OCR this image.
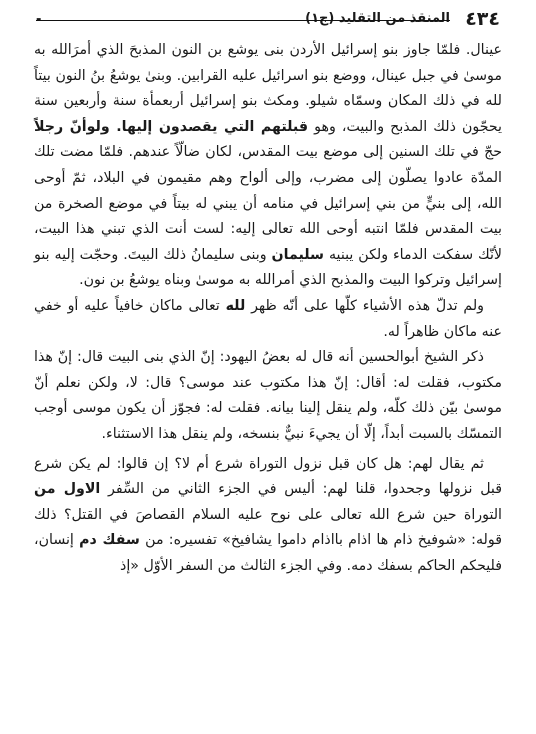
٤٣٤
المنقذ من التقليد (ج١)
-

عينال. فلمّا جاوز بنو إسرائيل الأردن بنى يوشع بن النون المذبحَ الذي أمرَالله به موسىٰ في جبل عينال، ووضع بنو اسرائيل عليه القرابين. وبنىٰ يوشعُ بنُ النون بيتاً لله في ذلك المكان وسمّاه شيلو. ومكث بنو إسرائيل أربعمأة سنة وأربعين سنة يحجّون ذلك المذبح والبيت، وهو قبلتهم التي يقصدون إليها. ولوأنّ رجلاً حجّ في تلك السنين إلى موضع بيت المقدس، لكان ضالّاً عندهم. فلمّا مضت تلك المدّة عادوا يصلّون إلى مضرب، وإلى ألواح وهم مقيمون في البلاد، ثمّ أوحى الله، إلى بنيٍّ من بني إسرائيل في منامه أن يبني له بيتاً في موضع الصخرة من بيت المقدس فلمّا انتبه أوحى الله تعالى إليه: لست أنت الذي تبني هذا البيت، لأنّك سفكت الدماء ولكن يبنيه سليمان وبنى سليمانُ ذلك البيتَ. وحجّت إليه بنو إسرائيل وتركوا البيت والمذبح الذي أمرالله به موسىٰ وبناه يوشعُ بن نون.

ولم تدلّ هذه الأشياء كلّها على أنّه ظهر لله تعالى ماكان خافياً عليه أو خفي عنه ماكان ظاهراً له.

ذكر الشيخ أبوالحسين أنه قال له بعضُ اليهود: إنّ الذي بنى البيت قال: إنّ هذا مكتوب، فقلت له: أقال: إنّ هذا مكتوب عند موسى؟ قال: لا، ولكن نعلم أنّ موسىٰ بيّن ذلك كلّه، ولم ينقل إلينا بيانه. فقلت له: فجوّز أن يكون موسى أوجب التمسّك بالسبت أبداً، إلّا أن يجيءَ نبيٌّ بنسخه، ولم ينقل هذا الاستثناء.

ثم يقال لهم: هل كان قبل نزول التوراة شرع أم لا؟ إن قالوا: لم يكن شرع قبل نزولها وجحدوا، قلنا لهم: أليس في الجزء الثاني من السِّفر الاول من التوراة حين شرع الله تعالى على نوح عليه السلام القصاصَ في القتل؟ ذلك قوله: «شوفيخ ذام ها اذام بااذام داموا يشافيخ» تفسيره: من سفك دم إنسان، فليحكم الحاكم بسفك دمه. وفي الجزء الثالث من السفر الأوّل «إذ
